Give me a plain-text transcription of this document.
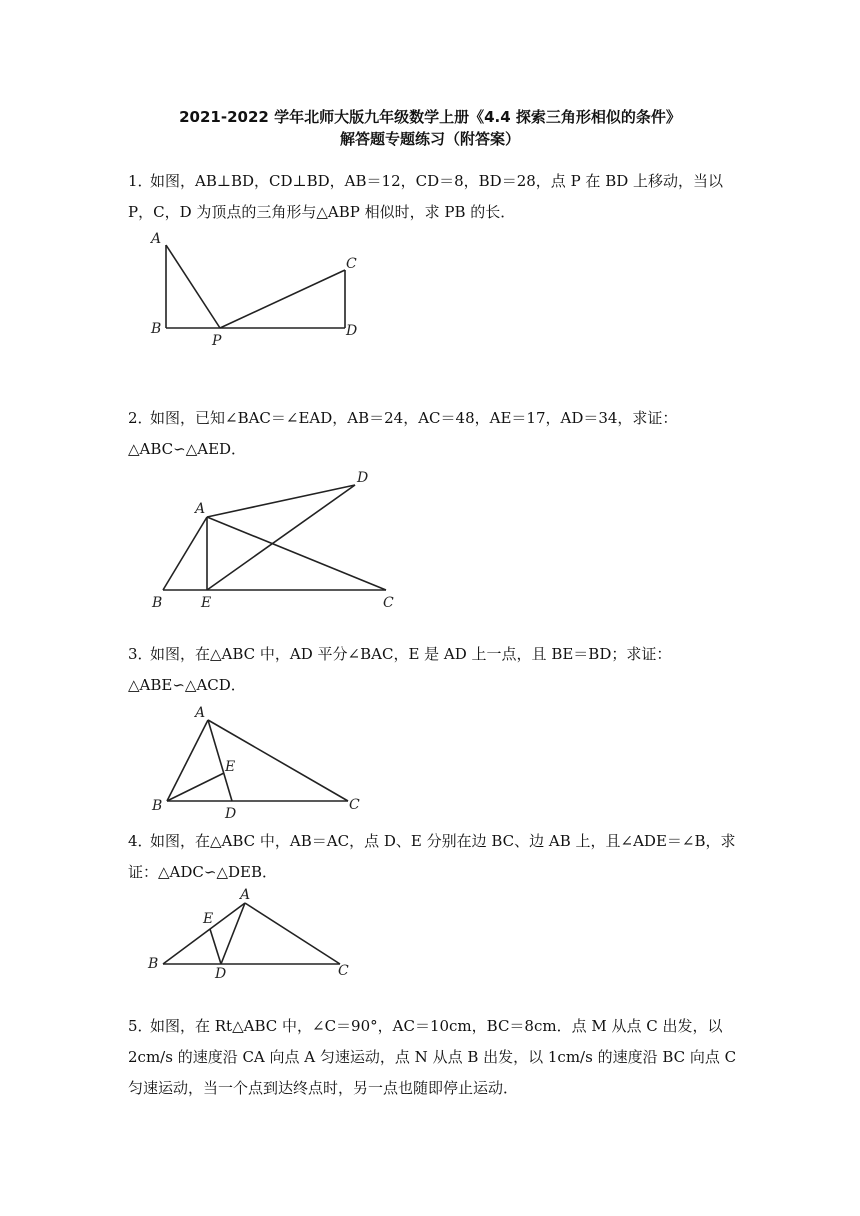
2021-2022 学年北师大版九年级数学上册《4.4 探索三角形相似的条件》
解答题专题练习（附答案）

1．如图，AB⊥BD，CD⊥BD，AB＝12，CD＝8，BD＝28，点 P 在 BD 上移动，当以 P，C，D 为顶点的三角形与△ABP 相似时，求 PB 的长．

A
B
P
C
D

2．如图，已知∠BAC＝∠EAD，AB＝24，AC＝48，AE＝17，AD＝34，求证：△ABC∽△AED．

A
B	E	C
D

3．如图，在△ABC 中，AD 平分∠BAC，E 是 AD 上一点，且 BE＝BD；求证：△ABE∽△ACD．

A
B	D
C
E

4．如图，在△ABC 中，AB＝AC，点 D、E 分别在边 BC、边 AB 上，且∠ADE＝∠B，求证：△ADC∽△DEB．

A
B
D	C
E

5．如图，在 Rt△ABC 中，∠C＝90°，AC＝10cm，BC＝8cm．点 M 从点 C 出发，以 2cm/s 的速度沿 CA 向点 A 匀速运动，点 N 从点 B 出发，以 1cm/s 的速度沿 BC 向点 C 匀速运动，当一个点到达终点时，另一点也随即停止运动．
